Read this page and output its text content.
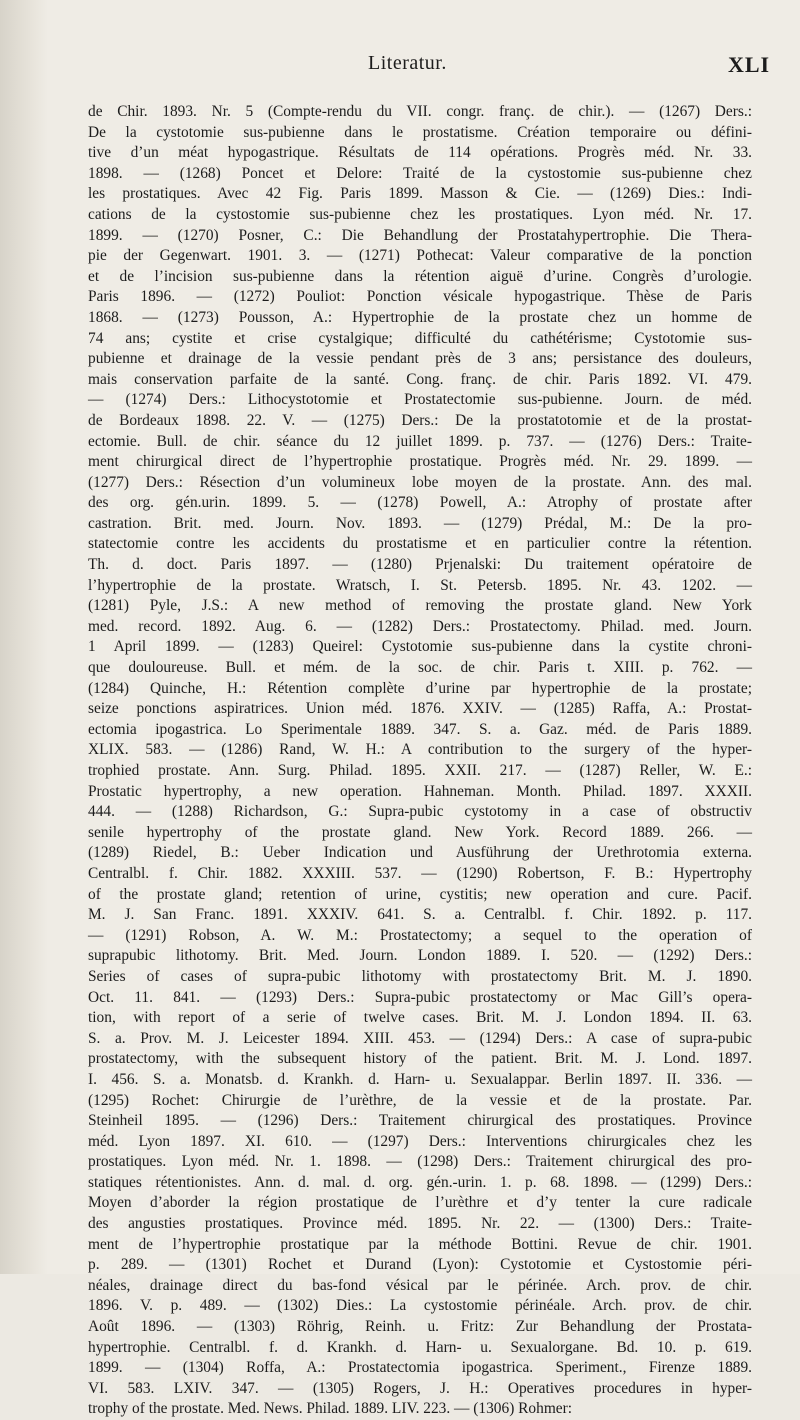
Literatur.	XLI
de Chir. 1893. Nr. 5 (Compte-rendu du VII. congr. franç. de chir.). — (1267) Ders.:
De la cystotomie sus-pubienne dans le prostatisme. Création temporaire ou défini-
tive d’un méat hypogastrique. Résultats de 114 opérations. Progrès méd. Nr. 33.
1898. — (1268) Poncet et Delore: Traité de la cystostomie sus-pubienne chez
les prostatiques. Avec 42 Fig. Paris 1899. Masson & Cie. — (1269) Dies.: Indi-
cations de la cystostomie sus-pubienne chez les prostatiques. Lyon méd. Nr. 17.
1899. — (1270) Posner, C.: Die Behandlung der Prostatahypertrophie. Die Thera-
pie der Gegenwart. 1901. 3. — (1271) Pothecat: Valeur comparative de la ponction
et de l’incision sus-pubienne dans la rétention aiguë d’urine. Congrès d’urologie.
Paris 1896. — (1272) Pouliot: Ponction vésicale hypogastrique. Thèse de Paris
1868. — (1273) Pousson, A.: Hypertrophie de la prostate chez un homme de
74 ans; cystite et crise cystalgique; difficulté du cathétérisme; Cystotomie sus-
pubienne et drainage de la vessie pendant près de 3 ans; persistance des douleurs,
mais conservation parfaite de la santé. Cong. franç. de chir. Paris 1892. VI. 479.
— (1274) Ders.: Lithocystotomie et Prostatectomie sus-pubienne. Journ. de méd.
de Bordeaux 1898. 22. V. — (1275) Ders.: De la prostatotomie et de la prostat-
ectomie. Bull. de chir. séance du 12 juillet 1899. p. 737. — (1276) Ders.: Traite-
ment chirurgical direct de l’hypertrophie prostatique. Progrès méd. Nr. 29. 1899. —
(1277) Ders.: Résection d’un volumineux lobe moyen de la prostate. Ann. des mal.
des org. gén.urin. 1899. 5. — (1278) Powell, A.: Atrophy of prostate after
castration. Brit. med. Journ. Nov. 1893. — (1279) Prédal, M.: De la pro-
statectomie contre les accidents du prostatisme et en particulier contre la rétention.
Th. d. doct. Paris 1897. — (1280) Prjenalski: Du traitement opératoire de
l’hypertrophie de la prostate. Wratsch, I. St. Petersb. 1895. Nr. 43. 1202. —
(1281) Pyle, J.S.: A new method of removing the prostate gland. New York
med. record. 1892. Aug. 6. — (1282) Ders.: Prostatectomy. Philad. med. Journ.
1 April 1899. — (1283) Queirel: Cystotomie sus-pubienne dans la cystite chroni-
que douloureuse. Bull. et mém. de la soc. de chir. Paris t. XIII. p. 762. —
(1284) Quinche, H.: Rétention complète d’urine par hypertrophie de la prostate;
seize ponctions aspiratrices. Union méd. 1876. XXIV. — (1285) Raffa, A.: Prostat-
ectomia ipogastrica. Lo Sperimentale 1889. 347. S. a. Gaz. méd. de Paris 1889.
XLIX. 583. — (1286) Rand, W. H.: A contribution to the surgery of the hyper-
trophied prostate. Ann. Surg. Philad. 1895. XXII. 217. — (1287) Reller, W. E.:
Prostatic hypertrophy, a new operation. Hahneman. Month. Philad. 1897. XXXII.
444. — (1288) Richardson, G.: Supra-pubic cystotomy in a case of obstructiv
senile hypertrophy of the prostate gland. New York. Record 1889. 266. —
(1289) Riedel, B.: Ueber Indication und Ausführung der Urethrotomia externa.
Centralbl. f. Chir. 1882. XXXIII. 537. — (1290) Robertson, F. B.: Hypertrophy
of the prostate gland; retention of urine, cystitis; new operation and cure. Pacif.
M. J. San Franc. 1891. XXXIV. 641. S. a. Centralbl. f. Chir. 1892. p. 117.
— (1291) Robson, A. W. M.: Prostatectomy; a sequel to the operation of
suprapubic lithotomy. Brit. Med. Journ. London 1889. I. 520. — (1292) Ders.:
Series of cases of supra-pubic lithotomy with prostatectomy Brit. M. J. 1890.
Oct. 11. 841. — (1293) Ders.: Supra-pubic prostatectomy or Mac Gill’s opera-
tion, with report of a serie of twelve cases. Brit. M. J. London 1894. II. 63.
S. a. Prov. M. J. Leicester 1894. XIII. 453. — (1294) Ders.: A case of supra-pubic
prostatectomy, with the subsequent history of the patient. Brit. M. J. Lond. 1897.
I. 456. S. a. Monatsb. d. Krankh. d. Harn- u. Sexualappar. Berlin 1897. II. 336. —
(1295) Rochet: Chirurgie de l’urèthre, de la vessie et de la prostate. Par.
Steinheil 1895. — (1296) Ders.: Traitement chirurgical des prostatiques. Province
méd. Lyon 1897. XI. 610. — (1297) Ders.: Interventions chirurgicales chez les
prostatiques. Lyon méd. Nr. 1. 1898. — (1298) Ders.: Traitement chirurgical des pro-
statiques rétentionistes. Ann. d. mal. d. org. gén.-urin. 1. p. 68. 1898. — (1299) Ders.:
Moyen d’aborder la région prostatique de l’urèthre et d’y tenter la cure radicale
des angusties prostatiques. Province méd. 1895. Nr. 22. — (1300) Ders.: Traite-
ment de l’hypertrophie prostatique par la méthode Bottini. Revue de chir. 1901.
p. 289. — (1301) Rochet et Durand (Lyon): Cystotomie et Cystostomie péri-
néales, drainage direct du bas-fond vésical par le périnée. Arch. prov. de chir.
1896. V. p. 489. — (1302) Dies.: La cystostomie périnéale. Arch. prov. de chir.
Août 1896. — (1303) Röhrig, Reinh. u. Fritz: Zur Behandlung der Prostata-
hypertrophie. Centralbl. f. d. Krankh. d. Harn- u. Sexualorgane. Bd. 10. p. 619.
1899. — (1304) Roffa, A.: Prostatectomia ipogastrica. Speriment., Firenze 1889.
VI. 583. LXIV. 347. — (1305) Rogers, J. H.: Operatives procedures in hyper-
trophy of the prostate. Med. News. Philad. 1889. LIV. 223. — (1306) Rohmer:
